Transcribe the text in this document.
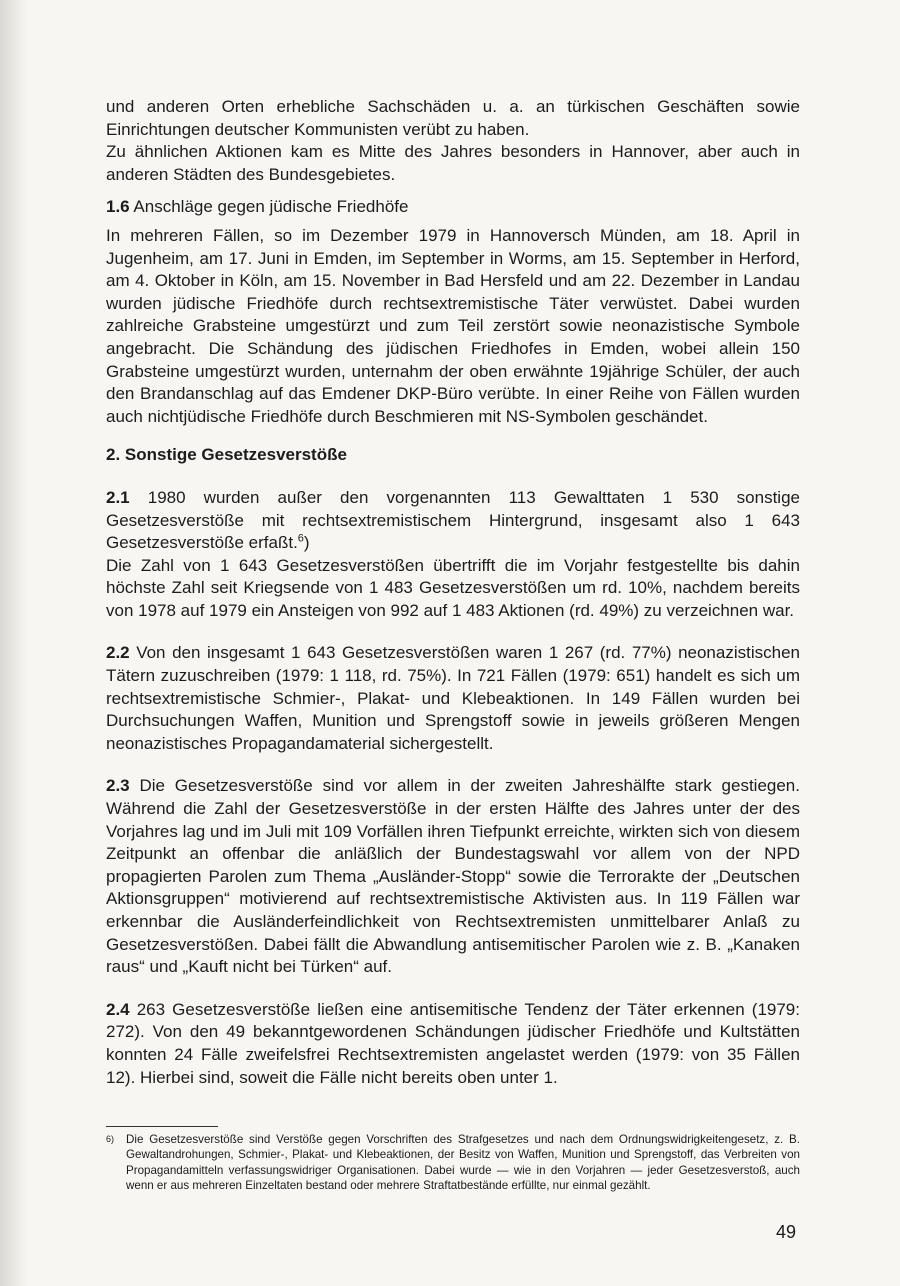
und anderen Orten erhebliche Sachschäden u. a. an türkischen Geschäften sowie Einrichtungen deutscher Kommunisten verübt zu haben.

Zu ähnlichen Aktionen kam es Mitte des Jahres besonders in Hannover, aber auch in anderen Städten des Bundesgebietes.

1.6 Anschläge gegen jüdische Friedhöfe

In mehreren Fällen, so im Dezember 1979 in Hannoversch Münden, am 18. April in Jugenheim, am 17. Juni in Emden, im September in Worms, am 15. September in Herford, am 4. Oktober in Köln, am 15. November in Bad Hersfeld und am 22. Dezember in Landau wurden jüdische Friedhöfe durch rechtsextremistische Täter verwüstet. Dabei wurden zahlreiche Grabsteine umgestürzt und zum Teil zerstört sowie neonazistische Symbole angebracht. Die Schändung des jüdischen Friedhofes in Emden, wobei allein 150 Grabsteine umgestürzt wurden, unternahm der oben erwähnte 19jährige Schüler, der auch den Brandanschlag auf das Emdener DKP-Büro verübte. In einer Reihe von Fällen wurden auch nichtjüdische Friedhöfe durch Beschmieren mit NS-Symbolen geschändet.

2. Sonstige Gesetzesverstöße

2.1 1980 wurden außer den vorgenannten 113 Gewalttaten 1 530 sonstige Gesetzesverstöße mit rechtsextremistischem Hintergrund, insgesamt also 1 643 Gesetzesverstöße erfaßt.$^6$)

Die Zahl von 1 643 Gesetzesverstößen übertrifft die im Vorjahr festgestellte bis dahin höchste Zahl seit Kriegsende von 1 483 Gesetzesverstößen um rd. 10%, nachdem bereits von 1978 auf 1979 ein Ansteigen von 992 auf 1 483 Aktionen (rd. 49%) zu verzeichnen war.

2.2 Von den insgesamt 1 643 Gesetzesverstößen waren 1 267 (rd. 77%) neonazistischen Tätern zuzuschreiben (1979: 1 118, rd. 75%). In 721 Fällen (1979: 651) handelt es sich um rechtsextremistische Schmier-, Plakat- und Klebeaktionen. In 149 Fällen wurden bei Durchsuchungen Waffen, Munition und Sprengstoff sowie in jeweils größeren Mengen neonazistisches Propagandamaterial sichergestellt.

2.3 Die Gesetzesverstöße sind vor allem in der zweiten Jahreshälfte stark gestiegen. Während die Zahl der Gesetzesverstöße in der ersten Hälfte des Jahres unter der des Vorjahres lag und im Juli mit 109 Vorfällen ihren Tiefpunkt erreichte, wirkten sich von diesem Zeitpunkt an offenbar die anläßlich der Bundestagswahl vor allem von der NPD propagierten Parolen zum Thema „Ausländer-Stopp“ sowie die Terrorakte der „Deutschen Aktionsgruppen“ motivierend auf rechtsextremistische Aktivisten aus. In 119 Fällen war erkennbar die Ausländerfeindlichkeit von Rechtsextremisten unmittelbarer Anlaß zu Gesetzesverstößen. Dabei fällt die Abwandlung antisemitischer Parolen wie z. B. „Kanaken raus“ und „Kauft nicht bei Türken“ auf.

2.4 263 Gesetzesverstöße ließen eine antisemitische Tendenz der Täter erkennen (1979: 272). Von den 49 bekanntgewordenen Schändungen jüdischer Friedhöfe und Kultstätten konnten 24 Fälle zweifelsfrei Rechtsextremisten angelastet werden (1979: von 35 Fällen 12). Hierbei sind, soweit die Fälle nicht bereits oben unter 1.

6)	Die Gesetzesverstöße sind Verstöße gegen Vorschriften des Strafgesetzes und nach dem Ordnungswidrigkeitengesetz, z. B. Gewaltandrohungen, Schmier-, Plakat- und Klebeaktionen, der Besitz von Waffen, Munition und Sprengstoff, das Verbreiten von Propagandamitteln verfassungswidriger Organisationen. Dabei wurde — wie in den Vorjahren — jeder Gesetzesverstoß, auch wenn er aus mehreren Einzeltaten bestand oder mehrere Straftatbestände erfüllte, nur einmal gezählt.
49
